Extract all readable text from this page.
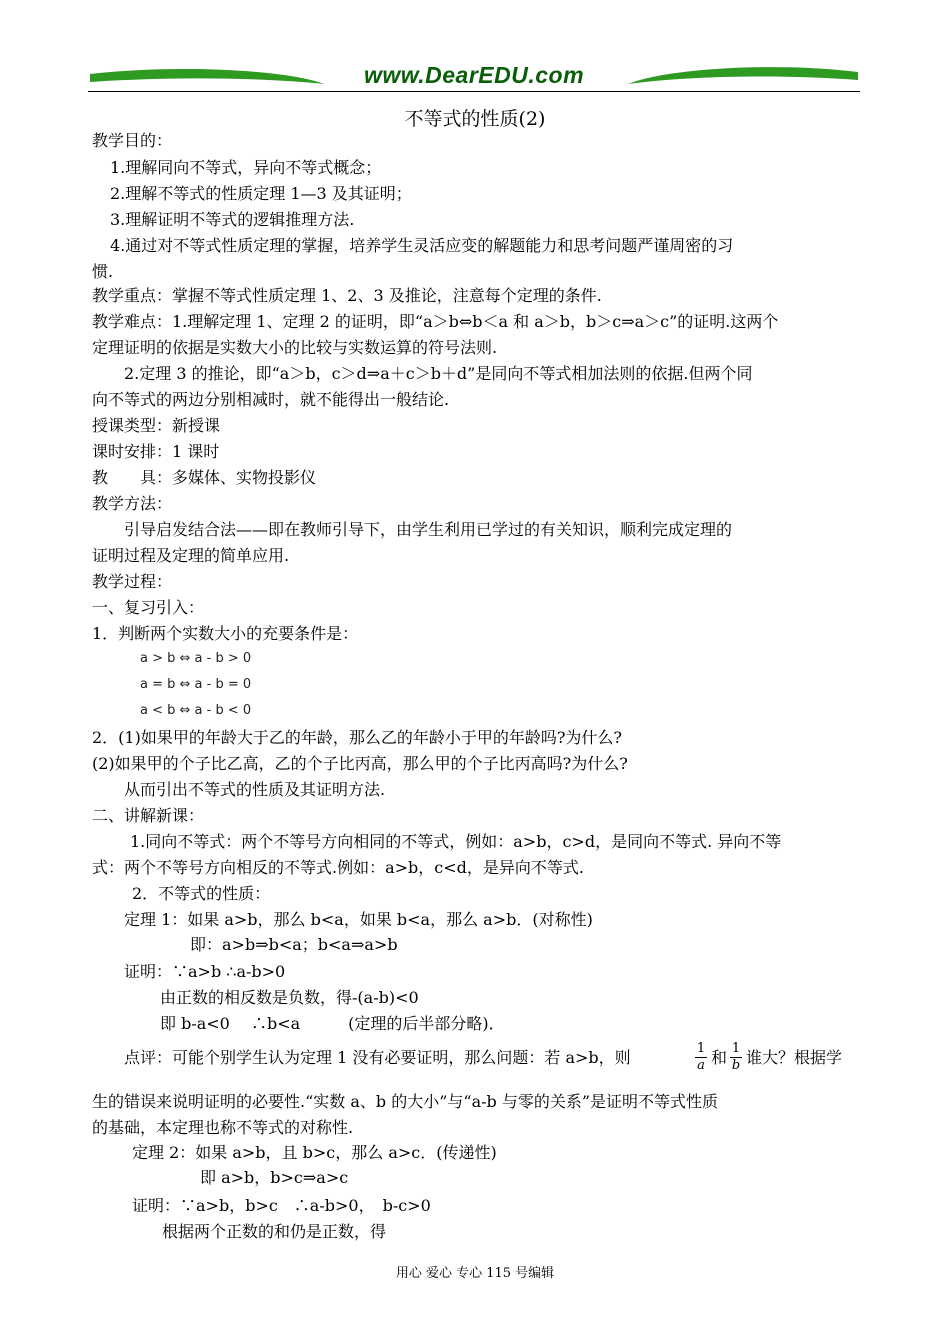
www.DearEDU.com
不等式的性质(2)
教学目的：
1.理解同向不等式，异向不等式概念；
2.理解不等式的性质定理 1—3 及其证明；
3.理解证明不等式的逻辑推理方法.
4.通过对不等式性质定理的掌握，培养学生灵活应变的解题能力和思考问题严谨周密的习
惯.
教学重点：掌握不等式性质定理 1、2、3 及推论，注意每个定理的条件.
教学难点：1.理解定理 1、定理 2 的证明，即“a＞b⇔b＜a 和 a＞b，b＞c⇒a＞c”的证明.这两个
定理证明的依据是实数大小的比较与实数运算的符号法则.
2.定理 3 的推论，即“a＞b，c＞d⇒a＋c＞b＋d”是同向不等式相加法则的依据.但两个同
向不等式的两边分别相减时，就不能得出一般结论.
授课类型：新授课
课时安排：1 课时
教　　具：多媒体、实物投影仪
教学方法：
引导启发结合法——即在教师引导下，由学生利用已学过的有关知识，顺利完成定理的
证明过程及定理的简单应用.
教学过程：
一、复习引入：
1．判断两个实数大小的充要条件是：
a > b ⇔ a - b > 0
a = b ⇔ a - b = 0
a < b ⇔ a - b < 0
2．(1)如果甲的年龄大于乙的年龄，那么乙的年龄小于甲的年龄吗?为什么?
(2)如果甲的个子比乙高，乙的个子比丙高，那么甲的个子比丙高吗?为什么?
从而引出不等式的性质及其证明方法.
二、讲解新课：
1.同向不等式：两个不等号方向相同的不等式，例如：a>b，c>d，是同向不等式. 异向不等
式：两个不等号方向相反的不等式.例如：a>b，c<d，是异向不等式.
2．不等式的性质：
定理 1：如果 a>b，那么 b<a，如果 b<a，那么 a>b．(对称性)
即：a>b⇒b<a；b<a⇒a>b
证明：∵a>b ∴a-b>0
由正数的相反数是负数，得-(a-b)<0
即 b-a<0　 ∴b<a　　　(定理的后半部分略)．
点评：可能个别学生认为定理 1 没有必要证明，那么问题：若 a>b，则	1
a 和 1
b 谁大？根据学
生的错误来说明证明的必要性.“实数 a、b 的大小”与“a-b 与零的关系”是证明不等式性质
的基础，本定理也称不等式的对称性.
定理 2：如果 a>b，且 b>c，那么 a>c．(传递性)
即 a>b，b>c⇒a>c
证明：∵a>b，b>c　∴a-b>0，　b-c>0
根据两个正数的和仍是正数，得
用心 爱心 专心 115 号编辑
